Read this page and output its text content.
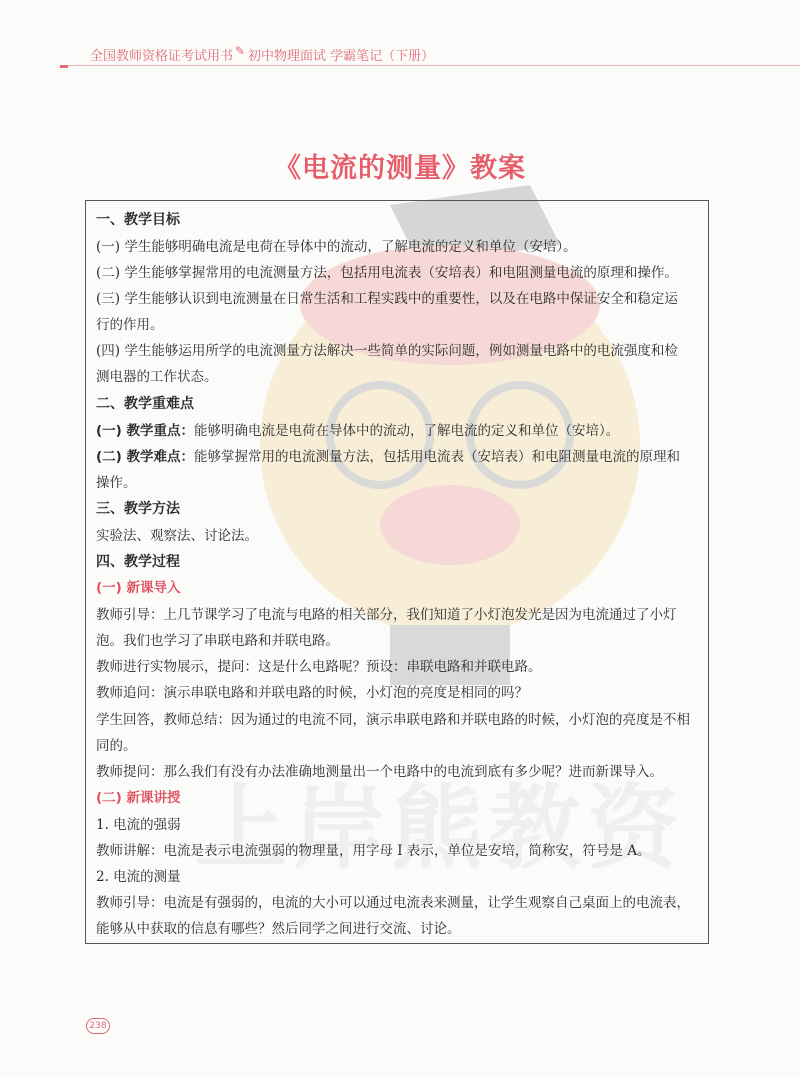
全国教师资格证考试用书 ✎ 初中物理面试 学霸笔记（下册）
《电流的测量》教案
一、教学目标
(一) 学生能够明确电流是电荷在导体中的流动，了解电流的定义和单位（安培）。
(二) 学生能够掌握常用的电流测量方法，包括用电流表（安培表）和电阻测量电流的原理和操作。
(三) 学生能够认识到电流测量在日常生活和工程实践中的重要性，以及在电路中保证安全和稳定运
行的作用。
(四) 学生能够运用所学的电流测量方法解决一些简单的实际问题，例如测量电路中的电流强度和检
测电器的工作状态。
二、教学重难点
(一) 教学重点：能够明确电流是电荷在导体中的流动，了解电流的定义和单位（安培）。
(二) 教学难点：能够掌握常用的电流测量方法，包括用电流表（安培表）和电阻测量电流的原理和
操作。
三、教学方法
实验法、观察法、讨论法。
四、教学过程
(一) 新课导入
教师引导：上几节课学习了电流与电路的相关部分，我们知道了小灯泡发光是因为电流通过了小灯
泡。我们也学习了串联电路和并联电路。
教师进行实物展示，提问：这是什么电路呢？预设：串联电路和并联电路。
教师追问：演示串联电路和并联电路的时候，小灯泡的亮度是相同的吗？
学生回答，教师总结：因为通过的电流不同，演示串联电路和并联电路的时候，小灯泡的亮度是不相
同的。
教师提问：那么我们有没有办法准确地测量出一个电路中的电流到底有多少呢？进而新课导入。
(二) 新课讲授
1. 电流的强弱
教师讲解：电流是表示电流强弱的物理量，用字母 I 表示，单位是安培，简称安，符号是 A。
2. 电流的测量
教师引导：电流是有强弱的，电流的大小可以通过电流表来测量，让学生观察自己桌面上的电流表，
能够从中获取的信息有哪些？然后同学之间进行交流、讨论。
238
